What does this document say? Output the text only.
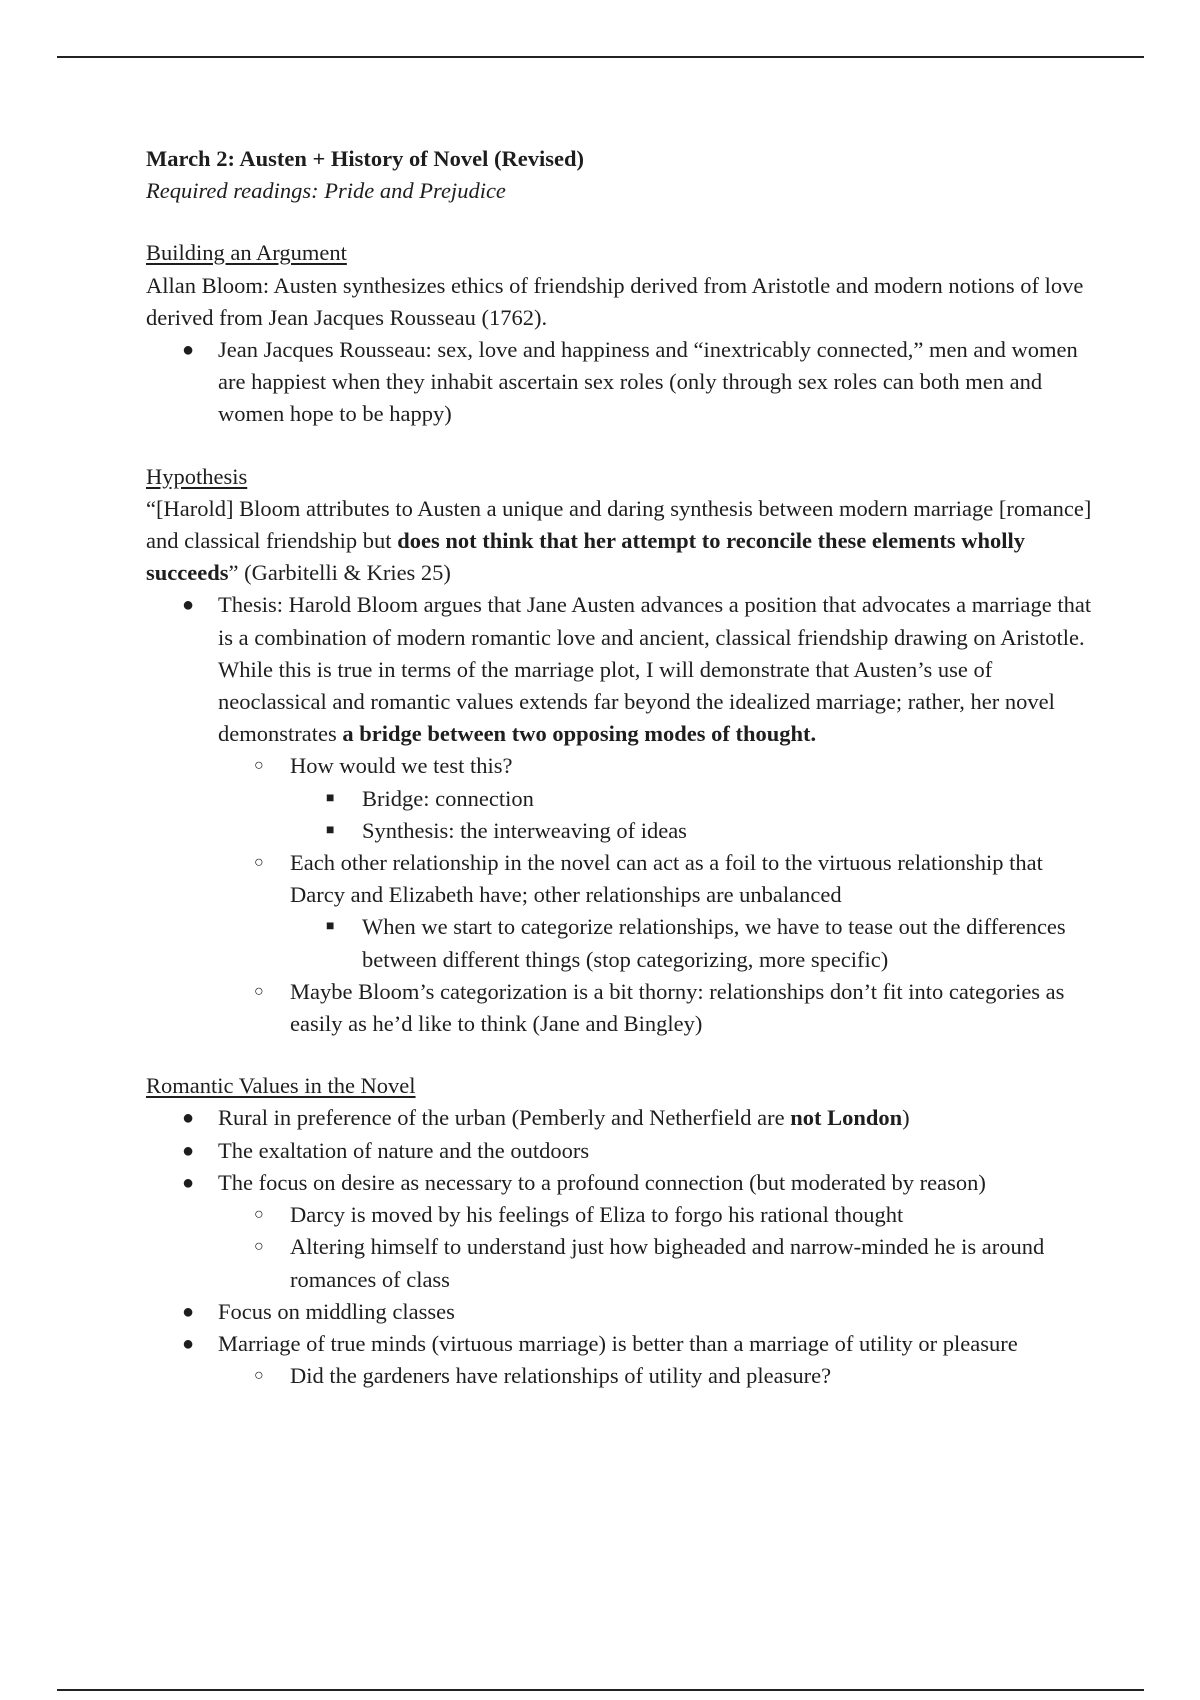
March 2: Austen + History of Novel (Revised)

Required readings: Pride and Prejudice

Building an Argument

Allan Bloom: Austen synthesizes ethics of friendship derived from Aristotle and modern notions of love derived from Jean Jacques Rousseau (1762).

● Jean Jacques Rousseau: sex, love and happiness and “inextricably connected,” men and women are happiest when they inhabit ascertain sex roles (only through sex roles can both men and women hope to be happy)

Hypothesis

“[Harold] Bloom attributes to Austen a unique and daring synthesis between modern marriage [romance] and classical friendship but does not think that her attempt to reconcile these elements wholly succeeds” (Garbitelli & Kries 25)

● Thesis: Harold Bloom argues that Jane Austen advances a position that advocates a marriage that is a combination of modern romantic love and ancient, classical friendship drawing on Aristotle. While this is true in terms of the marriage plot, I will demonstrate that Austen’s use of neoclassical and romantic values extends far beyond the idealized marriage; rather, her novel demonstrates a bridge between two opposing modes of thought.
○ How would we test this?
■ Bridge: connection
■ Synthesis: the interweaving of ideas
○ Each other relationship in the novel can act as a foil to the virtuous relationship that Darcy and Elizabeth have; other relationships are unbalanced
■ When we start to categorize relationships, we have to tease out the differences between different things (stop categorizing, more specific)
○ Maybe Bloom’s categorization is a bit thorny: relationships don’t fit into categories as easily as he’d like to think (Jane and Bingley)

Romantic Values in the Novel

● Rural in preference of the urban (Pemberly and Netherfield are not London)
● The exaltation of nature and the outdoors
● The focus on desire as necessary to a profound connection (but moderated by reason)
○ Darcy is moved by his feelings of Eliza to forgo his rational thought
○ Altering himself to understand just how bigheaded and narrow-minded he is around romances of class
● Focus on middling classes
● Marriage of true minds (virtuous marriage) is better than a marriage of utility or pleasure
○ Did the gardeners have relationships of utility and pleasure?
